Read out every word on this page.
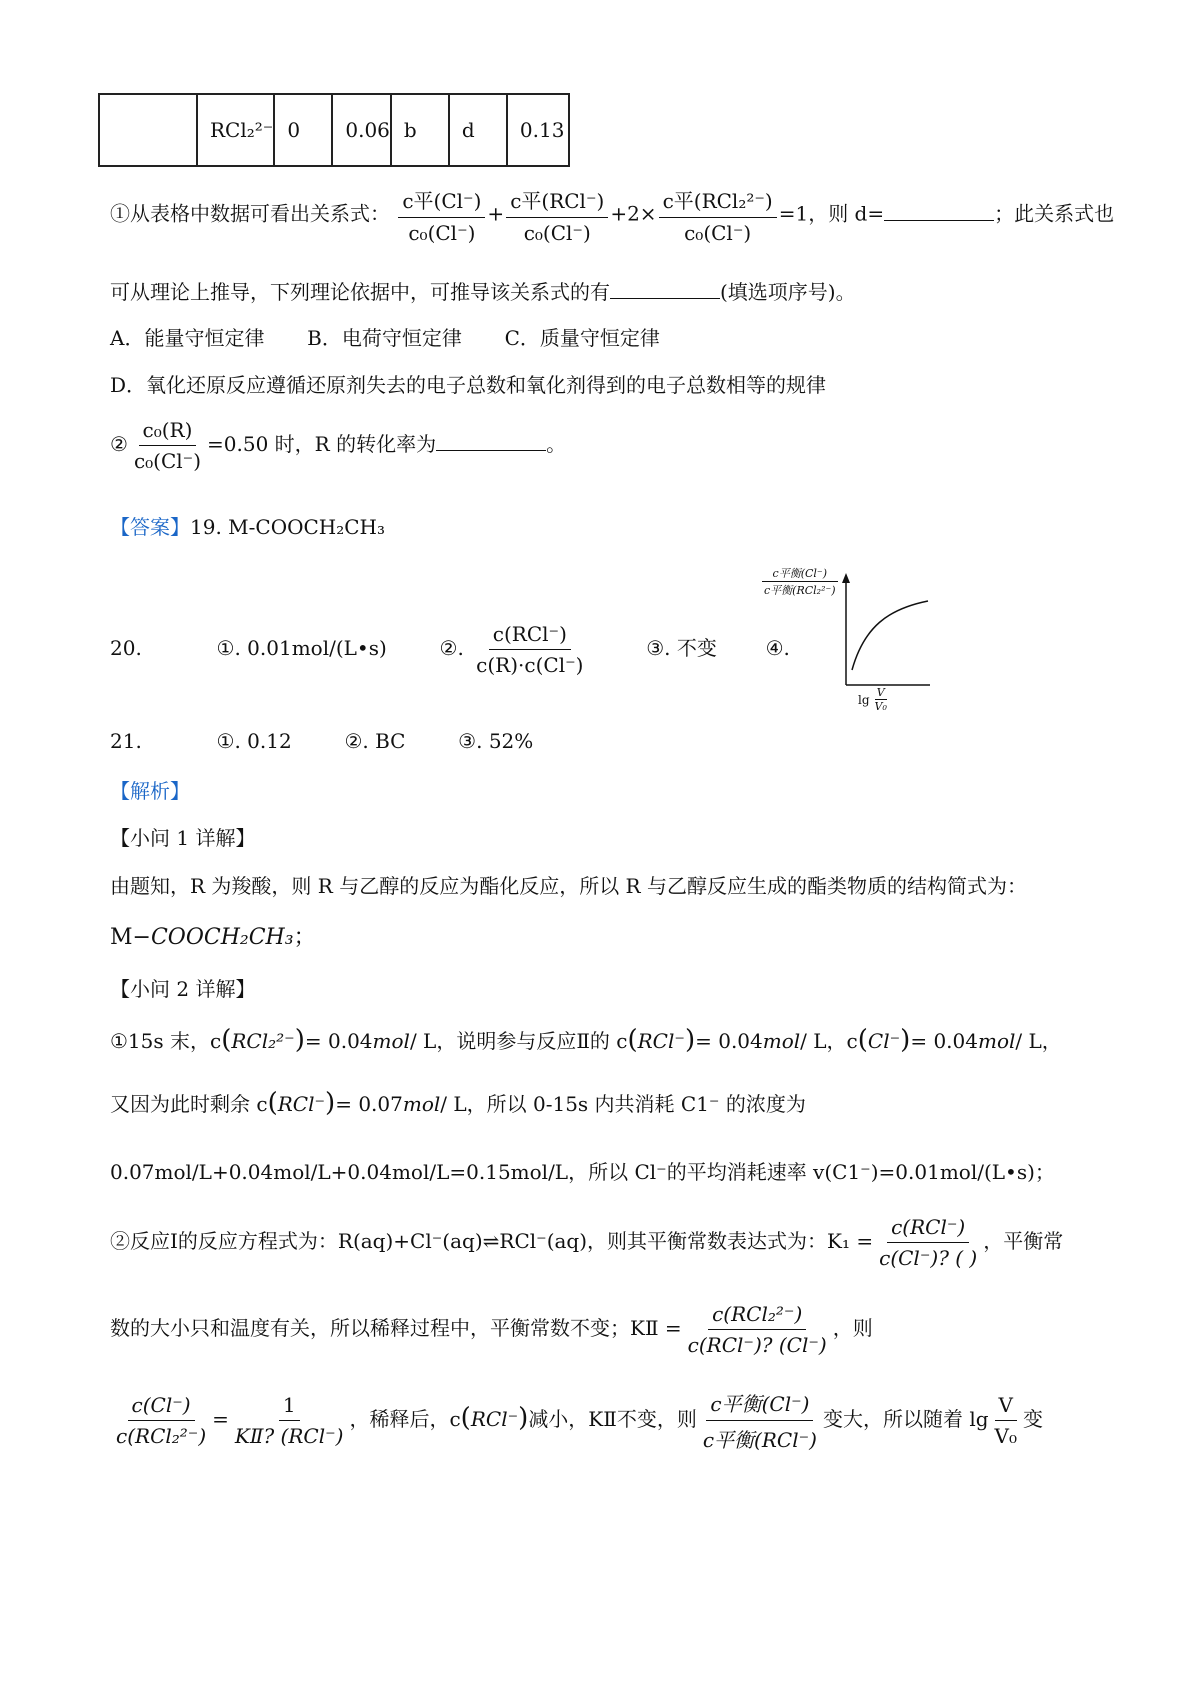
	RCl₂²⁻	0	0.06	b	d	0.13
①从表格中数据可看出关系式： $\frac{\text{c平(Cl⁻)}}{\text{c₀(Cl⁻)}} + \frac{\text{c平(RCl⁻)}}{\text{c₀(Cl⁻)}} +2\times \frac{\text{c平(RCl₂²⁻)}}{\text{c₀(Cl⁻)}} =1$，则 d=	；此关系式也
可从理论上推导，下列理论依据中，可推导该关系式的有	(填选项序号)。
A．能量守恒定律 B．电荷守恒定律 C．质量守恒定律
D．氧化还原反应遵循还原剂失去的电子总数和氧化剂得到的电子总数相等的规律
② $\frac{\text{c₀(R)}}{\text{c₀(Cl⁻)}} =0.50$ 时，R 的转化率为	。
【答案】19. M-COOCH₂CH₃
20.	①. 0.01mol/(L•s)	②. $\frac{\text{c(RCl⁻)}}{c(R)\cdot c(Cl^-)}$	③. 不变 ④.
c平衡(Cl⁻)
c平衡(RCl₂²⁻)
$\lg \frac{V}{\text{V₀}}$
21.	①. 0.12	②. BC	③. 52%
【解析】
【小问 1 详解】
由题知，R 为羧酸，则 R 与乙醇的反应为酯化反应，所以 R 与乙醇反应生成的酯类物质的结构简式为：
M−COOCH₂CH₃；
【小问 2 详解】
①15s 末，c(RCl₂²⁻)= 0.04mol/ L，说明参与反应Ⅱ的 c(RCl⁻)= 0.04mol/ L，c(Cl⁻)= 0.04mol/ L，
又因为此时剩余 c(RCl⁻)= 0.07mol/ L，所以 0-15s 内共消耗 C1⁻ 的浓度为
0.07mol/L+0.04mol/L+0.04mol/L=0.15mol/L，所以 Cl⁻的平均消耗速率 v(C1⁻)=0.01mol/(L•s)；
②反应Ⅰ的反应方程式为：R(aq)+Cl⁻(aq)⇌RCl⁻(aq)，则其平衡常数表达式为：$K_1 = \frac{\text{c(RCl⁻)}}{c(Cl^-)? ( )}$ ，平衡常
数的大小只和温度有关，所以稀释过程中，平衡常数不变；KⅡ = $\frac{\text{c(RCl₂²⁻)}}{\text{c(RCl⁻)? (Cl⁻)}}$ ，则
$\frac{c(Cl^-)}{\text{c(RCl₂²⁻)}} = \frac{1}{\text{KⅡ? (RCl⁻)}}$ ，稀释后，c(RCl⁻)减小，KⅡ不变，则 $\frac{\text{c平衡(Cl⁻)}}{\text{c平衡(RCl⁻)}}$ 变大，所以随着 $\lg \frac{V}{\text{V₀}}$ 变
